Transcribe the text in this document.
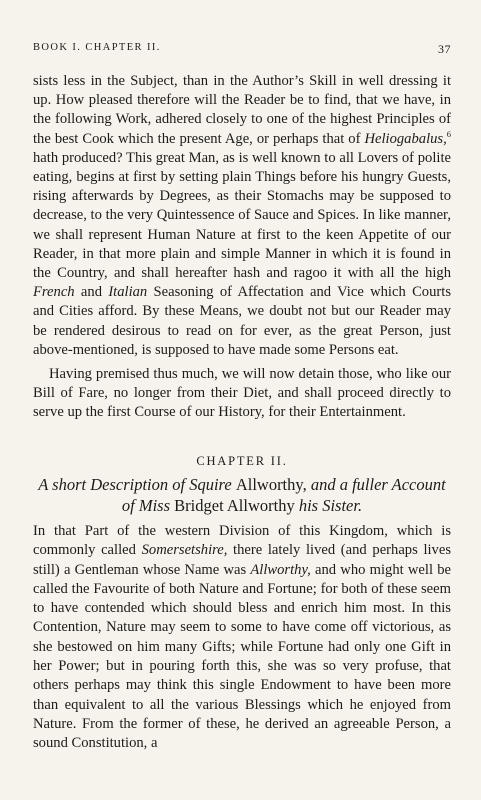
BOOK I. CHAPTER II.	37

sists less in the Subject, than in the Author’s Skill in well dressing it up. How pleased therefore will the Reader be to find, that we have, in the following Work, adhered closely to one of the highest Principles of the best Cook which the present Age, or perhaps that of Heliogabalus,$^6$ hath produced? This great Man, as is well known to all Lovers of polite eating, begins at first by setting plain Things before his hungry Guests, rising afterwards by Degrees, as their Stomachs may be supposed to decrease, to the very Quintessence of Sauce and Spices. In like manner, we shall represent Human Nature at first to the keen Appetite of our Reader, in that more plain and simple Manner in which it is found in the Country, and shall hereafter hash and ragoo it with all the high French and Italian Seasoning of Affectation and Vice which Courts and Cities afford. By these Means, we doubt not but our Reader may be rendered desirous to read on for ever, as the great Person, just above-mentioned, is supposed to have made some Persons eat.

Having premised thus much, we will now detain those, who like our Bill of Fare, no longer from their Diet, and shall proceed directly to serve up the first Course of our History, for their Entertainment.

CHAPTER II.
A short Description of Squire Allworthy, and a fuller Account of Miss Bridget Allworthy his Sister.

In that Part of the western Division of this Kingdom, which is commonly called Somersetshire, there lately lived (and perhaps lives still) a Gentleman whose Name was Allworthy, and who might well be called the Favourite of both Nature and Fortune; for both of these seem to have contended which should bless and enrich him most. In this Contention, Nature may seem to some to have come off victorious, as she bestowed on him many Gifts; while Fortune had only one Gift in her Power; but in pouring forth this, she was so very profuse, that others perhaps may think this single Endowment to have been more than equivalent to all the various Blessings which he enjoyed from Nature. From the former of these, he derived an agreeable Person, a sound Constitution, a
